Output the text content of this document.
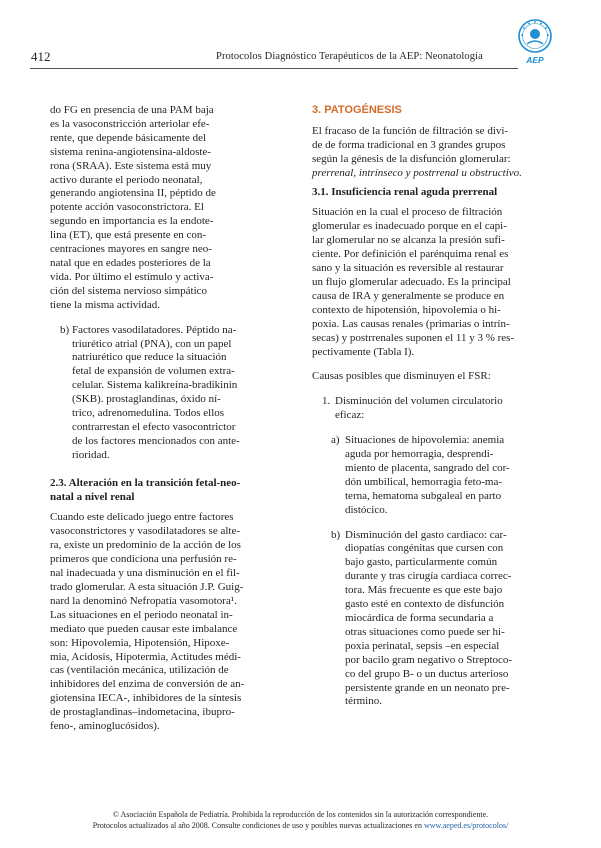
412	Protocolos Diagnóstico Terapéuticos de la AEP: Neonatología	AEP

do FG en presencia de una PAM baja
es la vasoconstricción arteriolar efe-
rente, que depende básicamente del
sistema renina-angiotensina-aldoste-
rona (SRAA). Este sistema está muy
activo durante el periodo neonatal,
generando angiotensina II, péptido de
potente acción vasoconstrictora. El
segundo en importancia es la endote-
lina (ET), que está presente en con-
centraciones mayores en sangre neo-
natal que en edades posteriores de la
vida. Por último el estímulo y activa-
ción del sistema nervioso simpático
tiene la misma actividad.

b) Factores vasodilatadores. Péptido na-
triurético atrial (PNA), con un papel
natriurético que reduce la situación
fetal de expansión de volumen extra-
celular. Sistema kalikreína-bradikinin
(SKB). prostaglandinas, óxido ní-
trico, adrenomedulina. Todos ellos
contrarrestan el efecto vasocontrictor
de los factores mencionados con ante-
rioridad.

2.3. Alteración en la transición fetal-neo-
natal a nivel renal

Cuando este delicado juego entre factores
vasoconstrictores y vasodilatadores se alte-
ra, existe un predominio de la acción de los
primeros que condiciona una perfusión re-
nal inadecuada y una disminución en el fil-
trado glomerular. A esta situación J.P. Guig-
nard la denominó Nefropatía vasomotora¹.
Las situaciones en el periodo neonatal in-
mediato que pueden causar este imbalance
son: Hipovolemia, Hipotensión, Hipoxe-
mia, Acidosis, Hipotermia, Actitudes médi-
cas (ventilación mecánica, utilización de
inhibidores del enzima de conversión de an-
giotensina IECA-, inhibidores de la síntesis
de prostaglandinas–indometacina, ibupro-
feno-, aminoglucósidos).

3. PATOGÉNESIS

El fracaso de la función de filtración se divi-
de de forma tradicional en 3 grandes grupos
según la génesis de la disfunción glomerular:
prerrenal, intrínseco y postrrenal u obstructivo.

3.1. Insuficiencia renal aguda prerrenal

Situación en la cual el proceso de filtración
glomerular es inadecuado porque en el capi-
lar glomerular no se alcanza la presión sufi-
ciente. Por definición el parénquima renal es
sano y la situación es reversible al restaurar
un flujo glomerular adecuado. Es la principal
causa de IRA y generalmente se produce en
contexto de hipotensión, hipovolemia o hi-
poxia. Las causas renales (primarias o intrín-
secas) y postrrenales suponen el 11 y 3 % res-
pectivamente (Tabla I).

Causas posibles que disminuyen el FSR:

1. Disminución del volumen circulatorio
eficaz:
a) Situaciones de hipovolemia: anemia
aguda por hemorragia, desprendi-
miento de placenta, sangrado del cor-
dón umbilical, hemorragia feto-ma-
terna, hematoma subgaleal en parto
distócico.
b) Disminución del gasto cardiaco: car-
diopatías congénitas que cursen con
bajo gasto, particularmente común
durante y tras cirugía cardiaca correc-
tora. Más frecuente es que este bajo
gasto esté en contexto de disfunción
miocárdica de forma secundaria a
otras situaciones como puede ser hi-
poxia perinatal, sepsis –en especial
por bacilo gram negativo o Streptoco-
co del grupo B- o un ductus arterioso
persistente grande en un neonato pre-
término.
© Asociación Española de Pediatría. Prohibida la reproducción de los contenidos sin la autorización correspondiente.
Protocolos actualizados al año 2008. Consulte condiciones de uso y posibles nuevas actualizaciones en www.aeped.es/protocolos/
